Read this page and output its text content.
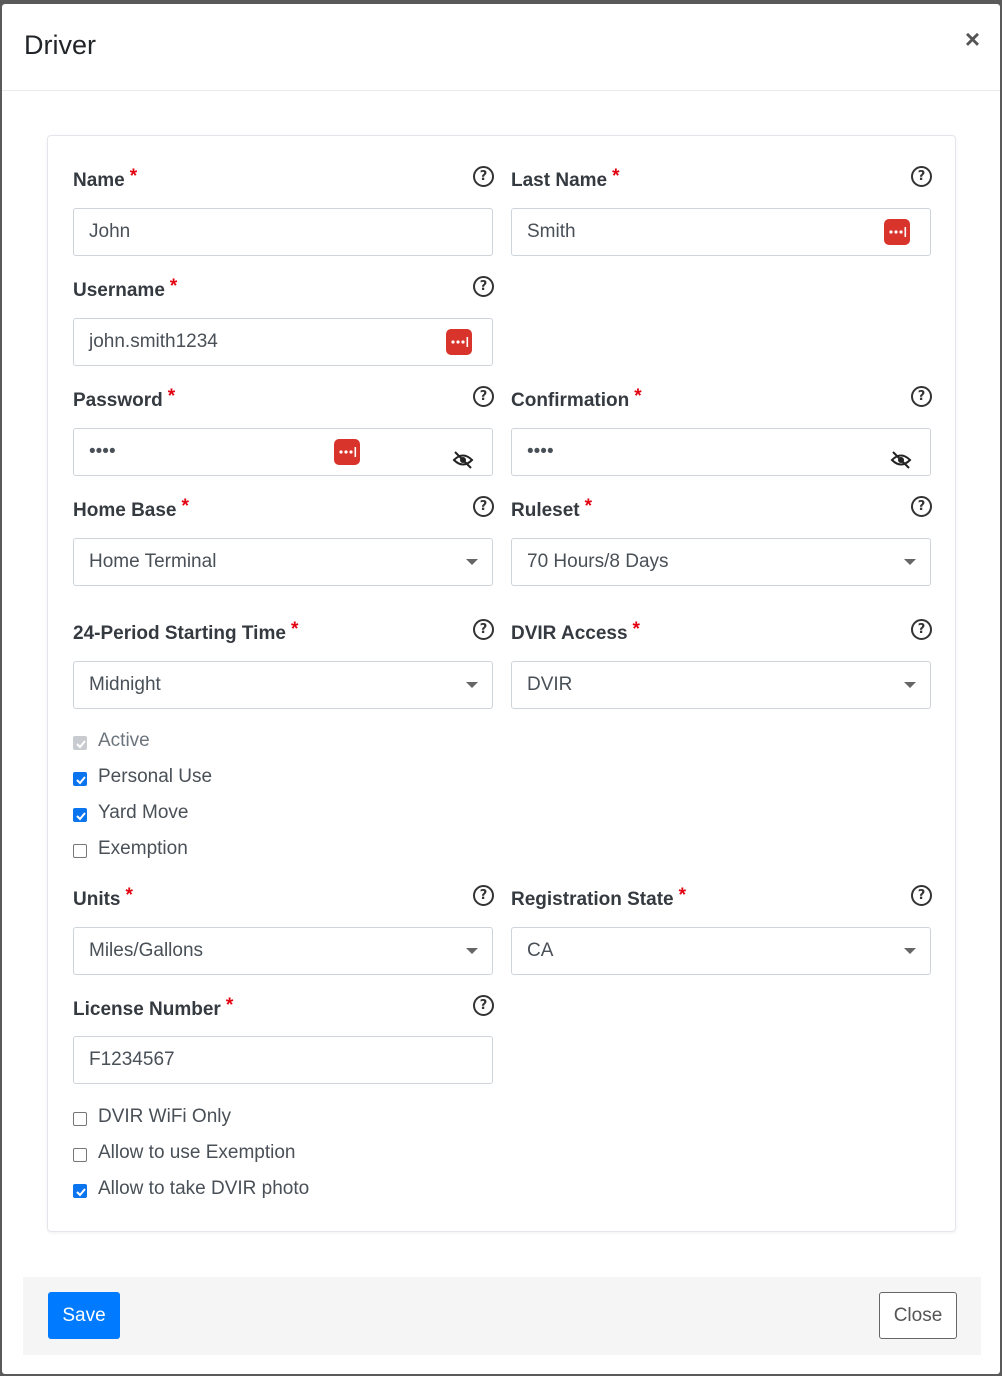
Driver	×
Name *	?
John
Last Name *	?
Smith
Username *	?
john.smith1234
Password *	?
••••
Confirmation *	?
••••
Home Base *	?
Home Terminal
Ruleset *	?
70 Hours/8 Days
24-Period Starting Time *	?
Midnight
DVIR Access *	?
DVIR
Active
Personal Use
Yard Move
Exemption
Units *	?
Miles/Gallons
Registration State *	?
CA
License Number *	?
F1234567
DVIR WiFi Only
Allow to use Exemption
Allow to take DVIR photo
Save	Close
